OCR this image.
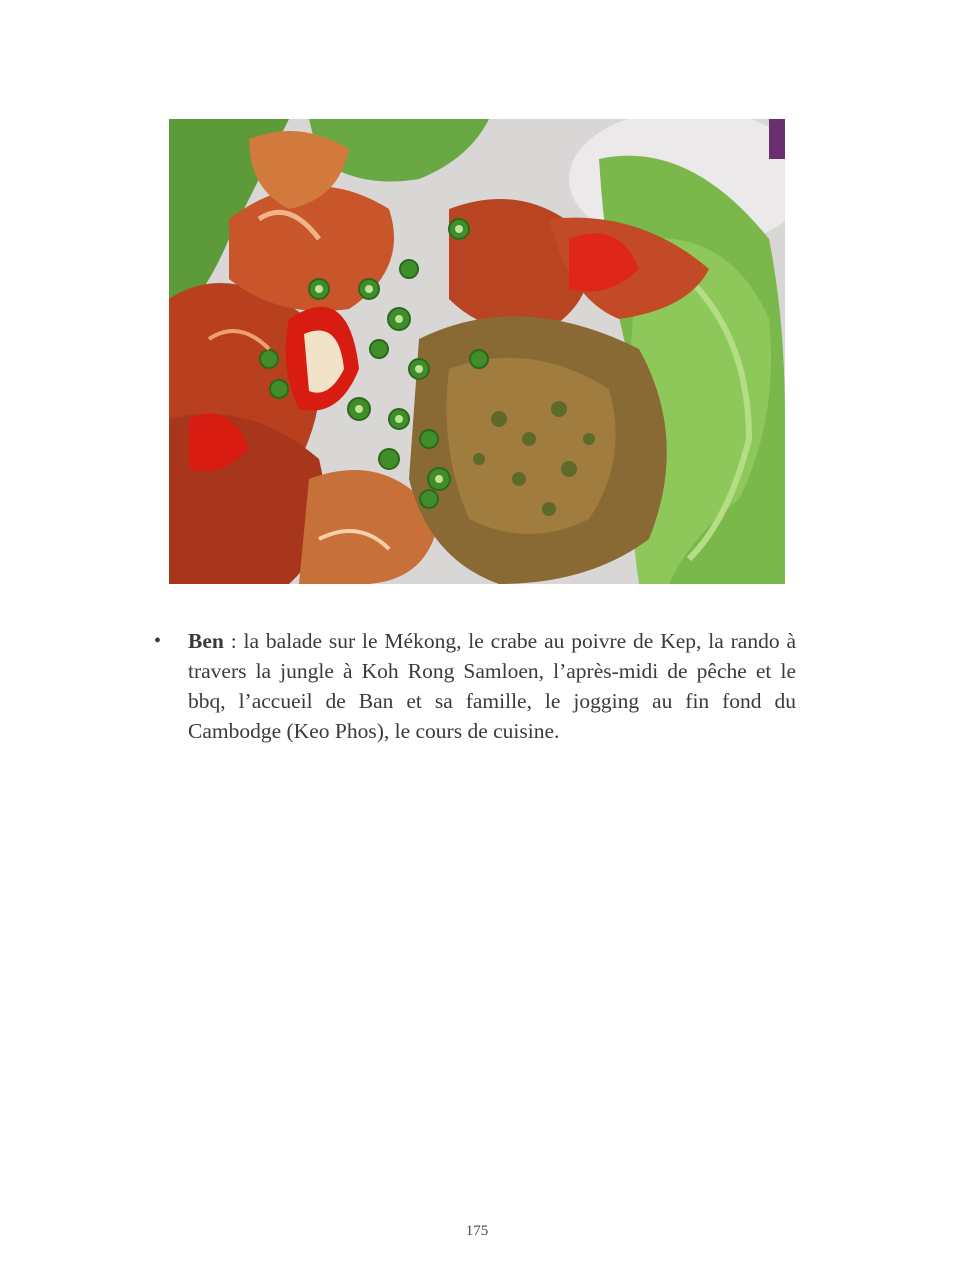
• Ben : la balade sur le Mékong, le crabe au poivre de Kep, la rando à travers la jungle à Koh Rong Samloen, l’après-midi de pêche et le bbq, l’accueil de Ban et sa famille, le jogging au fin fond du Cambodge (Keo Phos), le cours de cuisine.
175
